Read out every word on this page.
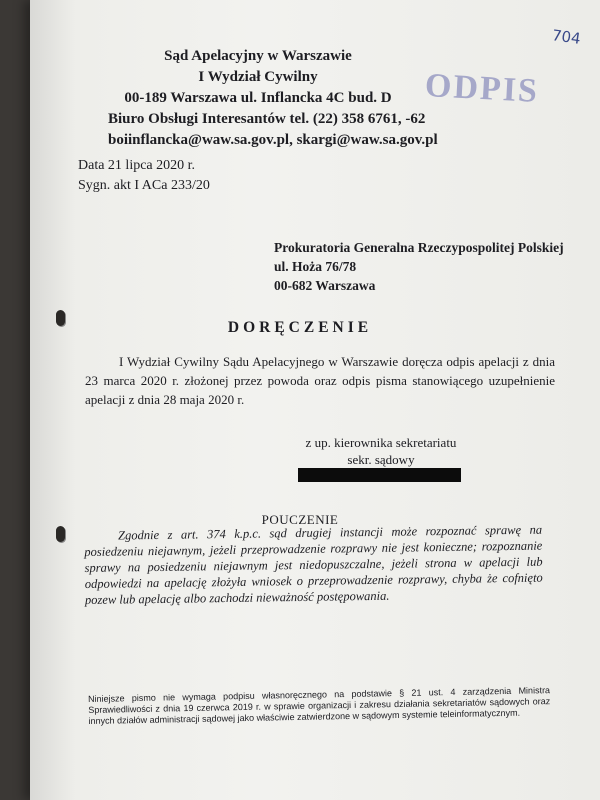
704
ODPIS
Sąd Apelacyjny w Warszawie
I Wydział Cywilny
00-189 Warszawa ul. Inflancka 4C bud. D
Biuro Obsługi Interesantów tel. (22) 358 6761, -62
boiinflancka@waw.sa.gov.pl, skargi@waw.sa.gov.pl
Data 21 lipca 2020 r.
Sygn. akt I ACa 233/20
Prokuratoria Generalna Rzeczypospolitej Polskiej
ul. Hoża 76/78
00-682 Warszawa
DORĘCZENIE
I Wydział Cywilny Sądu Apelacyjnego w Warszawie doręcza odpis apelacji z dnia 23 marca 2020 r. złożonej przez powoda oraz odpis pisma stanowiącego uzupełnienie apelacji z dnia 28 maja 2020 r.
z up. kierownika sekretariatu
sekr. sądowy
POUCZENIE
Zgodnie z art. 374 k.p.c. sąd drugiej instancji może rozpoznać sprawę na posiedzeniu niejawnym, jeżeli przeprowadzenie rozprawy nie jest konieczne; rozpoznanie sprawy na posiedzeniu niejawnym jest niedopuszczalne, jeżeli strona w apelacji lub odpowiedzi na apelację złożyła wniosek o przeprowadzenie rozprawy, chyba że cofnięto pozew lub apelację albo zachodzi nieważność postępowania.
Niniejsze pismo nie wymaga podpisu własnoręcznego na podstawie § 21 ust. 4 zarządzenia Ministra Sprawiedliwości z dnia 19 czerwca 2019 r. w sprawie organizacji i zakresu działania sekretariatów sądowych oraz innych działów administracji sądowej jako właściwie zatwierdzone w sądowym systemie teleinformatycznym.
